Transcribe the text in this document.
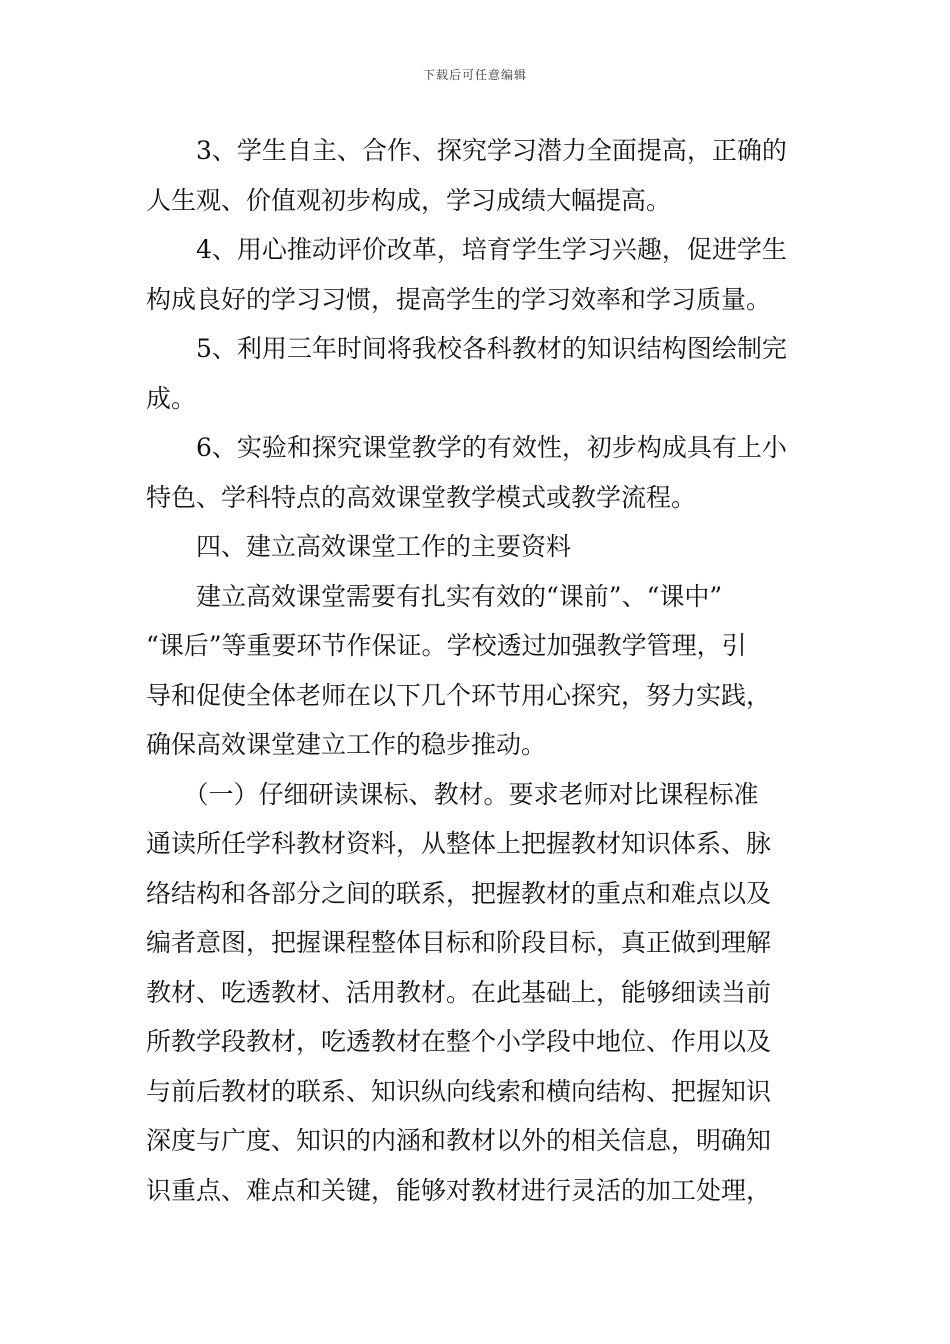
下载后可任意编辑
　　3、学生自主、合作、探究学习潜力全面提高，正确的
人生观、价值观初步构成，学习成绩大幅提高。
　　4、用心推动评价改革，培育学生学习兴趣，促进学生
构成良好的学习习惯，提高学生的学习效率和学习质量。
　　5、利用三年时间将我校各科教材的知识结构图绘制完
成。
　　6、实验和探究课堂教学的有效性，初步构成具有上小
特色、学科特点的高效课堂教学模式或教学流程。
　　四、建立高效课堂工作的主要资料
　　建立高效课堂需要有扎实有效的“课前”、“课中”
“课后”等重要环节作保证。学校透过加强教学管理，引
导和促使全体老师在以下几个环节用心探究，努力实践，
确保高效课堂建立工作的稳步推动。
　　（一）仔细研读课标、教材。要求老师对比课程标准
通读所任学科教材资料，从整体上把握教材知识体系、脉
络结构和各部分之间的联系，把握教材的重点和难点以及
编者意图，把握课程整体目标和阶段目标，真正做到理解
教材、吃透教材、活用教材。在此基础上，能够细读当前
所教学段教材，吃透教材在整个小学段中地位、作用以及
与前后教材的联系、知识纵向线索和横向结构、把握知识
深度与广度、知识的内涵和教材以外的相关信息，明确知
识重点、难点和关键，能够对教材进行灵活的加工处理，
